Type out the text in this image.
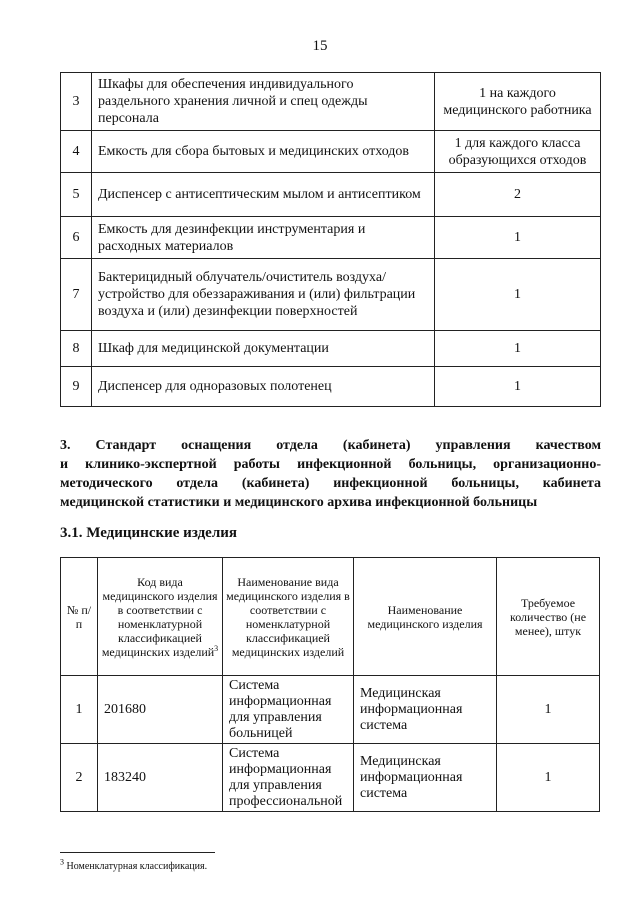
15
3	Шкафы для обеспечения индивидуального раздельного хранения личной и спец одежды персонала	1 на каждого медицинского работника
4	Емкость для сбора бытовых и медицинских отходов	1 для каждого класса образующихся отходов
5	Диспенсер с антисептическим мылом и антисептиком	2
6	Емкость для дезинфекции инструментария и расходных материалов	1
7	Бактерицидный облучатель/очиститель воздуха/устройство для обеззараживания и (или) фильтрации воздуха и (или) дезинфекции поверхностей	1
8	Шкаф для медицинской документации	1
9	Диспенсер для одноразовых полотенец	1
3. Стандарт оснащения отдела (кабинета) управления качеством
и клинико-экспертной работы инфекционной больницы, организационно-
методического отдела (кабинета) инфекционной больницы, кабинета
медицинской статистики и медицинского архива инфекционной больницы
3.1. Медицинские изделия
№ п/п	Код вида медицинского изделия в соответствии с номенклатурной классификацией медицинских изделий$^3$	Наименование вида медицинского изделия в соответствии с номенклатурной классификацией медицинских изделий	Наименование медицинского изделия	Требуемое количество (не менее), штук
1	201680	Система информационная для управления больницей	Медицинская информационная система	1
2	183240	Система информационная для управления профессиональной	Медицинская информационная система	1
$^3$ Номенклатурная классификация.
